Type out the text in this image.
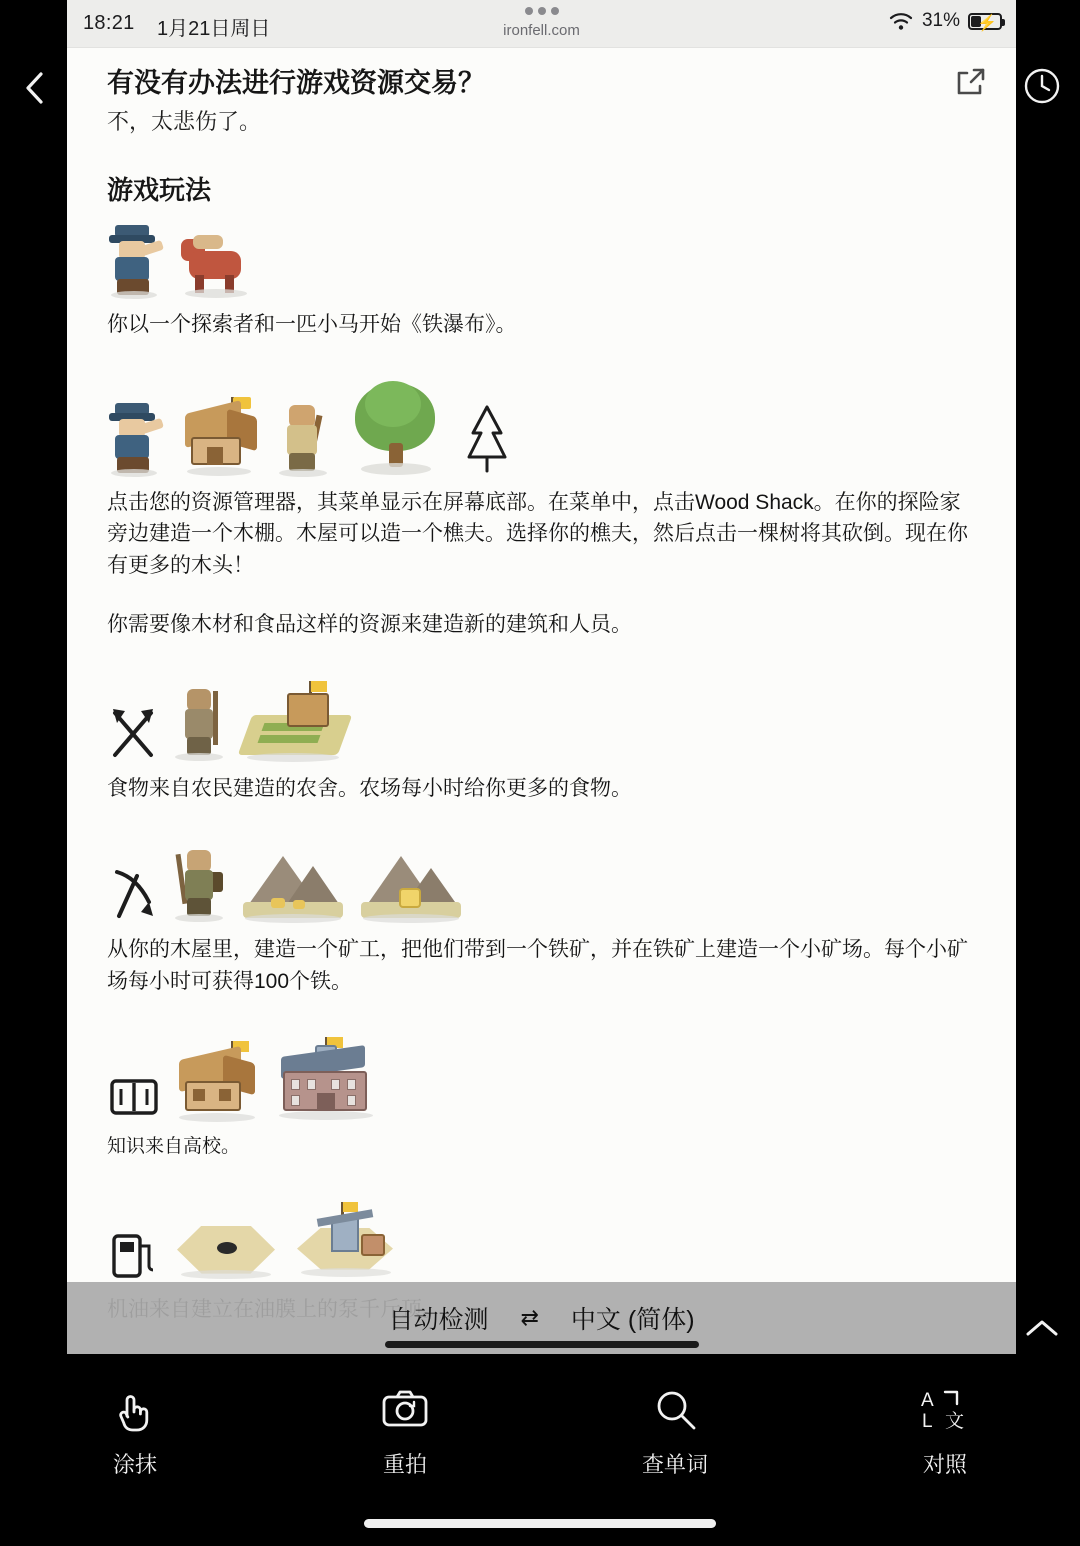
18:21 1月21日周日	ironfell.com	31% ⚡
有没有办法进行游戏资源交易？
不，太悲伤了。
游戏玩法
你以一个探索者和一匹小马开始《铁瀑布》。
点击您的资源管理器，其菜单显示在屏幕底部。在菜单中，点击Wood Shack。在你的探险家旁边建造一个木棚。木屋可以造一个樵夫。选择你的樵夫，然后点击一棵树将其砍倒。现在你有更多的木头！
你需要像木材和食品这样的资源来建造新的建筑和人员。
食物来自农民建造的农舍。农场每小时给你更多的食物。
从你的木屋里，建造一个矿工，把他们带到一个铁矿，并在铁矿上建造一个小矿场。每个小矿场每小时可获得100个铁。
知识来自高校。
自动检测 ⇄ 中文 (简体)
涂抹	重拍	查单词
A
L 文
对照
